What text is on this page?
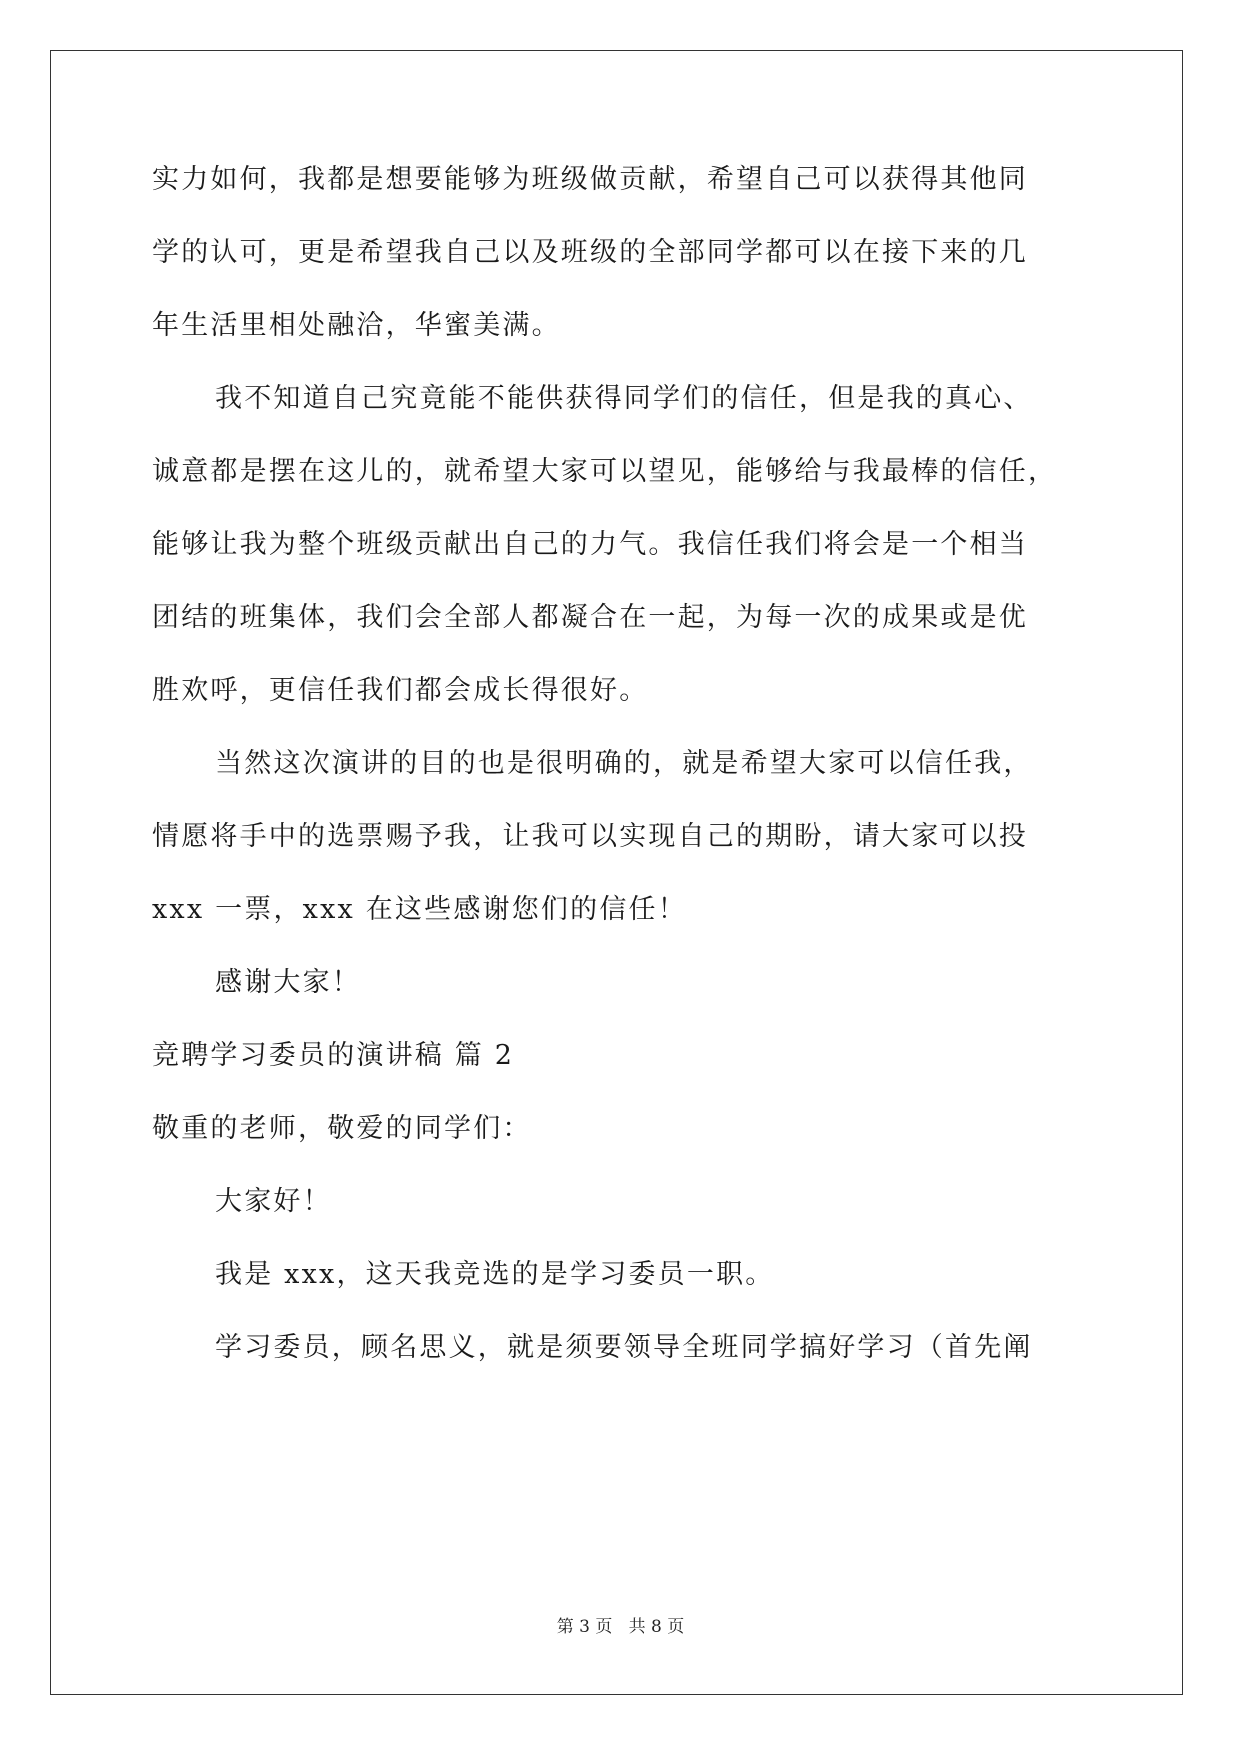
实力如何，我都是想要能够为班级做贡献，希望自己可以获得其他同
学的认可，更是希望我自己以及班级的全部同学都可以在接下来的几
年生活里相处融洽，华蜜美满。
我不知道自己究竟能不能供获得同学们的信任，但是我的真心、
诚意都是摆在这儿的，就希望大家可以望见，能够给与我最棒的信任，
能够让我为整个班级贡献出自己的力气。我信任我们将会是一个相当
团结的班集体，我们会全部人都凝合在一起，为每一次的成果或是优
胜欢呼，更信任我们都会成长得很好。
当然这次演讲的目的也是很明确的，就是希望大家可以信任我，
情愿将手中的选票赐予我，让我可以实现自己的期盼，请大家可以投
xxx 一票，xxx 在这些感谢您们的信任！
感谢大家！
竞聘学习委员的演讲稿 篇 2
敬重的老师，敬爱的同学们：
大家好！
我是 xxx，这天我竞选的是学习委员一职。
学习委员，顾名思义，就是须要领导全班同学搞好学习（首先阐
第 3 页   共 8 页
